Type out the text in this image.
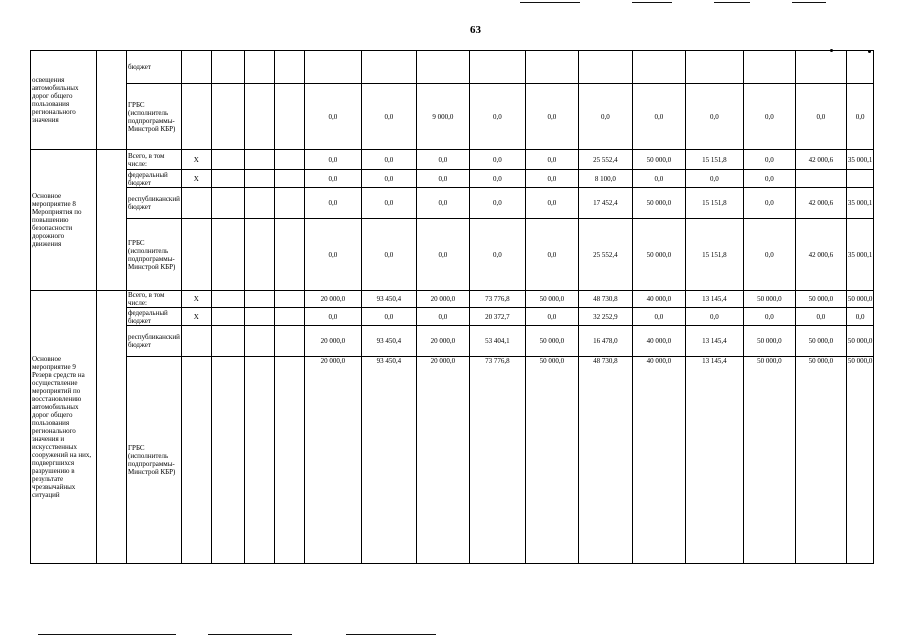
63
освещения автомобильных дорог общего пользования регионального значения		бюджет															
		ГРБС (исполнитель подпрограммы-Минстрой КБР)					0,0	0,0	9 000,0	0,0	0,0	0,0	0,0	0,0	0,0	0,0	0,0
Основное мероприятие 8 Мероприятия по повышению безопасности дорожного движения		Всего, в том числе:	X				0,0	0,0	0,0	0,0	0,0	25 552,4	50 000,0	15 151,8	0,0	42 000,6	35 000,1
		федеральный бюджет	X				0,0	0,0	0,0	0,0	0,0	8 100,0	0,0	0,0	0,0		
		республиканский бюджет					0,0	0,0	0,0	0,0	0,0	17 452,4	50 000,0	15 151,8	0,0	42 000,6	35 000,1
		ГРБС (исполнитель подпрограммы-Минстрой КБР)					0,0	0,0	0,0	0,0	0,0	25 552,4	50 000,0	15 151,8	0,0	42 000,6	35 000,1
Основное мероприятие 9 Резерв средств на осуществление мероприятий по восстановлению автомобильных дорог общего пользования регионального значения и искусственных сооружений на них, подвергшихся разрушению в результате чрезвычайных ситуаций		Всего, в том числе:	X				20 000,0	93 450,4	20 000,0	73 776,8	50 000,0	48 730,8	40 000,0	13 145,4	50 000,0	50 000,0	50 000,0
		федеральный бюджет	X				0,0	0,0	0,0	20 372,7	0,0	32 252,9	0,0	0,0	0,0	0,0	0,0
		республиканский бюджет					20 000,0	93 450,4	20 000,0	53 404,1	50 000,0	16 478,0	40 000,0	13 145,4	50 000,0	50 000,0	50 000,0
		ГРБС (исполнитель подпрограммы-Минстрой КБР)					20 000,0	93 450,4	20 000,0	73 776,8	50 000,0	48 730,8	40 000,0	13 145,4	50 000,0	50 000,0	50 000,0
